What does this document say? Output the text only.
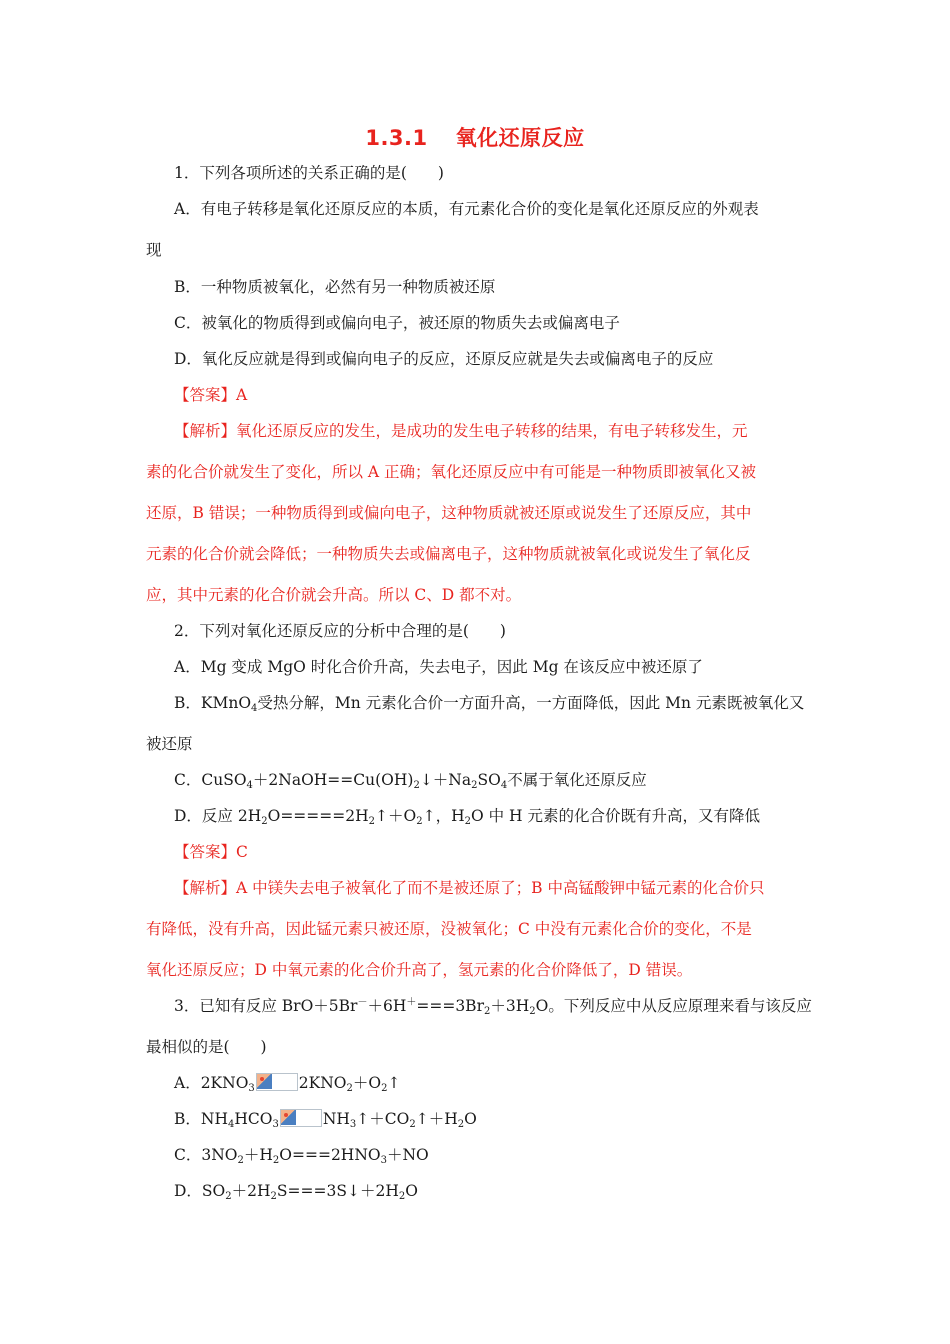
1.3.1 氧化还原反应
1．下列各项所述的关系正确的是(　　)
A．有电子转移是氧化还原反应的本质，有元素化合价的变化是氧化还原反应的外观表
现
B．一种物质被氧化，必然有另一种物质被还原
C．被氧化的物质得到或偏向电子，被还原的物质失去或偏离电子
D．氧化反应就是得到或偏向电子的反应，还原反应就是失去或偏离电子的反应
【答案】A
【解析】氧化还原反应的发生，是成功的发生电子转移的结果，有电子转移发生，元
素的化合价就发生了变化，所以 A 正确；氧化还原反应中有可能是一种物质即被氧化又被
还原，B 错误；一种物质得到或偏向电子，这种物质就被还原或说发生了还原反应，其中
元素的化合价就会降低；一种物质失去或偏离电子，这种物质就被氧化或说发生了氧化反
应，其中元素的化合价就会升高。所以 C、D 都不对。
2．下列对氧化还原反应的分析中合理的是(　　)
A．Mg 变成 MgO 时化合价升高，失去电子，因此 Mg 在该反应中被还原了
B．KMnO$_4$受热分解，Mn 元素化合价一方面升高，一方面降低，因此 Mn 元素既被氧化又
被还原
C．$CuSO_4+2NaOH==Cu(OH)_2↓+Na_2SO_4$不属于氧化还原反应
D．反应 $2H_2O=====2H_2↑+O_2↑$，$H_2O$ 中 H 元素的化合价既有升高，又有降低
【答案】C
【解析】A 中镁失去电子被氧化了而不是被还原了；B 中高锰酸钾中锰元素的化合价只
有降低，没有升高，因此锰元素只被还原，没被氧化；C 中没有元素化合价的变化，不是
氧化还原反应；D 中氧元素的化合价升高了，氢元素的化合价降低了，D 错误。
3．已知有反应 $BrO+5Br^-+6H^+===3Br_2+3H_2O$。下列反应中从反应原理来看与该反应
最相似的是(　　)
A．$2KNO_3$	$2KNO_2+O_2↑$
B．$NH_4HCO_3$	$NH_3↑+CO_2↑+H_2O$
C．$3NO_2+H_2O===2HNO_3+NO$
D．$SO_2+2H_2S===3S↓+2H_2O$
